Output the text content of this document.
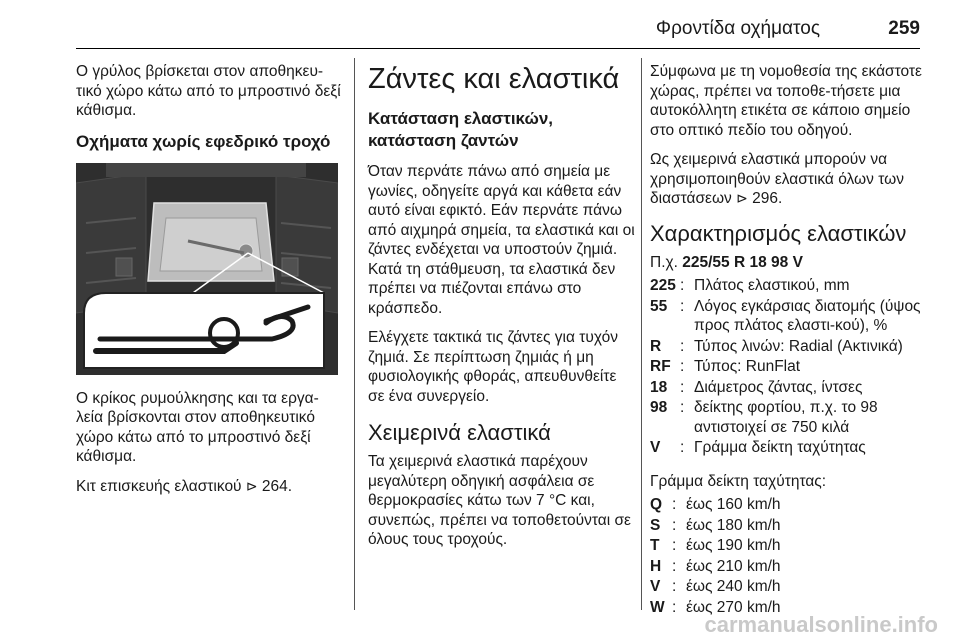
Φροντίδα οχήματος	259

Ο γρύλος βρίσκεται στον αποθηκευ-τικό χώρο κάτω από το μπροστινό δεξί κάθισμα.

Οχήματα χωρίς εφεδρικό τροχό

Ο κρίκος ρυμούλκησης και τα εργα-λεία βρίσκονται στον αποθηκευτικό χώρο κάτω από το μπροστινό δεξί κάθισμα.

Κιτ επισκευής ελαστικού ⊳ 264.

Ζάντες και ελαστικά
Κατάσταση ελαστικών, κατάσταση ζαντών

Όταν περνάτε πάνω από σημεία με γωνίες, οδηγείτε αργά και κάθετα εάν αυτό είναι εφικτό. Εάν περνάτε πάνω από αιχμηρά σημεία, τα ελαστικά και οι ζάντες ενδέχεται να υποστούν ζημιά. Κατά τη στάθμευση, τα ελαστικά δεν πρέπει να πιέζονται επάνω στο κράσπεδο.

Ελέγχετε τακτικά τις ζάντες για τυχόν ζημιά. Σε περίπτωση ζημιάς ή μη φυσιολογικής φθοράς, απευθυνθείτε σε ένα συνεργείο.

Χειμερινά ελαστικά

Τα χειμερινά ελαστικά παρέχουν μεγαλύτερη οδηγική ασφάλεια σε θερμοκρασίες κάτω των 7 °C και, συνεπώς, πρέπει να τοποθετούνται σε όλους τους τροχούς.

Σύμφωνα με τη νομοθεσία της εκάστοτε χώρας, πρέπει να τοποθε-τήσετε μια αυτοκόλλητη ετικέτα σε κάποιο σημείο στο οπτικό πεδίο του οδηγού.

Ως χειμερινά ελαστικά μπορούν να χρησιμοποιηθούν ελαστικά όλων των διαστάσεων ⊳ 296.

Χαρακτηρισμός ελαστικών

Π.χ. 225/55 R 18 98 V

225 : Πλάτος ελαστικού, mm
55 : Λόγος εγκάρσιας διατομής (ύψος προς πλάτος ελαστι-κού), %
R	: Τύπος λινών: Radial (Ακτινικά)
RF : Τύπος: RunFlat
18 : Διάμετρος ζάντας, ίντσες
98 : δείκτης φορτίου, π.χ. το 98 αντιστοιχεί σε 750 κιλά
V	: Γράμμα δείκτη ταχύτητας

Γράμμα δείκτη ταχύτητας:

Q : έως 160 km/h
S : έως 180 km/h
T : έως 190 km/h
H : έως 210 km/h
V : έως 240 km/h
W : έως 270 km/h
carmanualsonline.info
